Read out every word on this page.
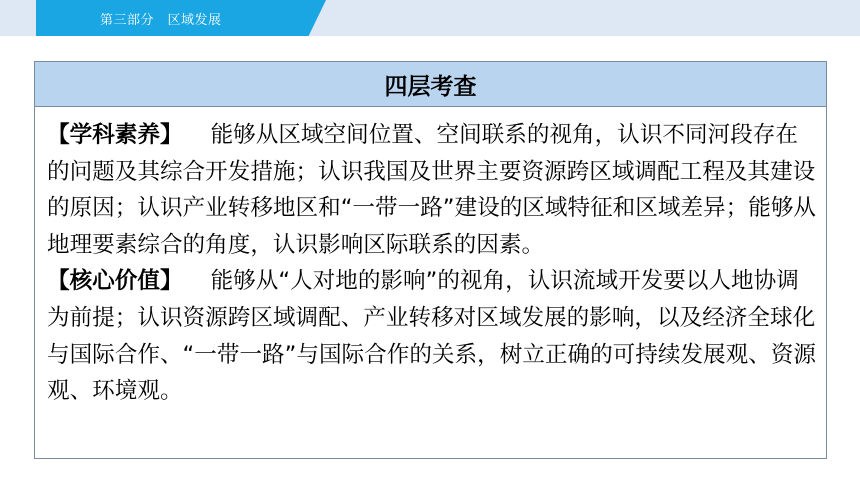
第三部分　区域发展
四层考查

【学科素养】 能够从区域空间位置、空间联系的视角，认识不同河段存在的问题及其综合开发措施；认识我国及世界主要资源跨区域调配工程及其建设的原因；认识产业转移地区和“一带一路”建设的区域特征和区域差异；能够从地理要素综合的角度，认识影响区际联系的因素。

【核心价值】 能够从“人对地的影响”的视角，认识流域开发要以人地协调为前提；认识资源跨区域调配、产业转移对区域发展的影响，以及经济全球化与国际合作、“一带一路”与国际合作的关系，树立正确的可持续发展观、资源观、环境观。
